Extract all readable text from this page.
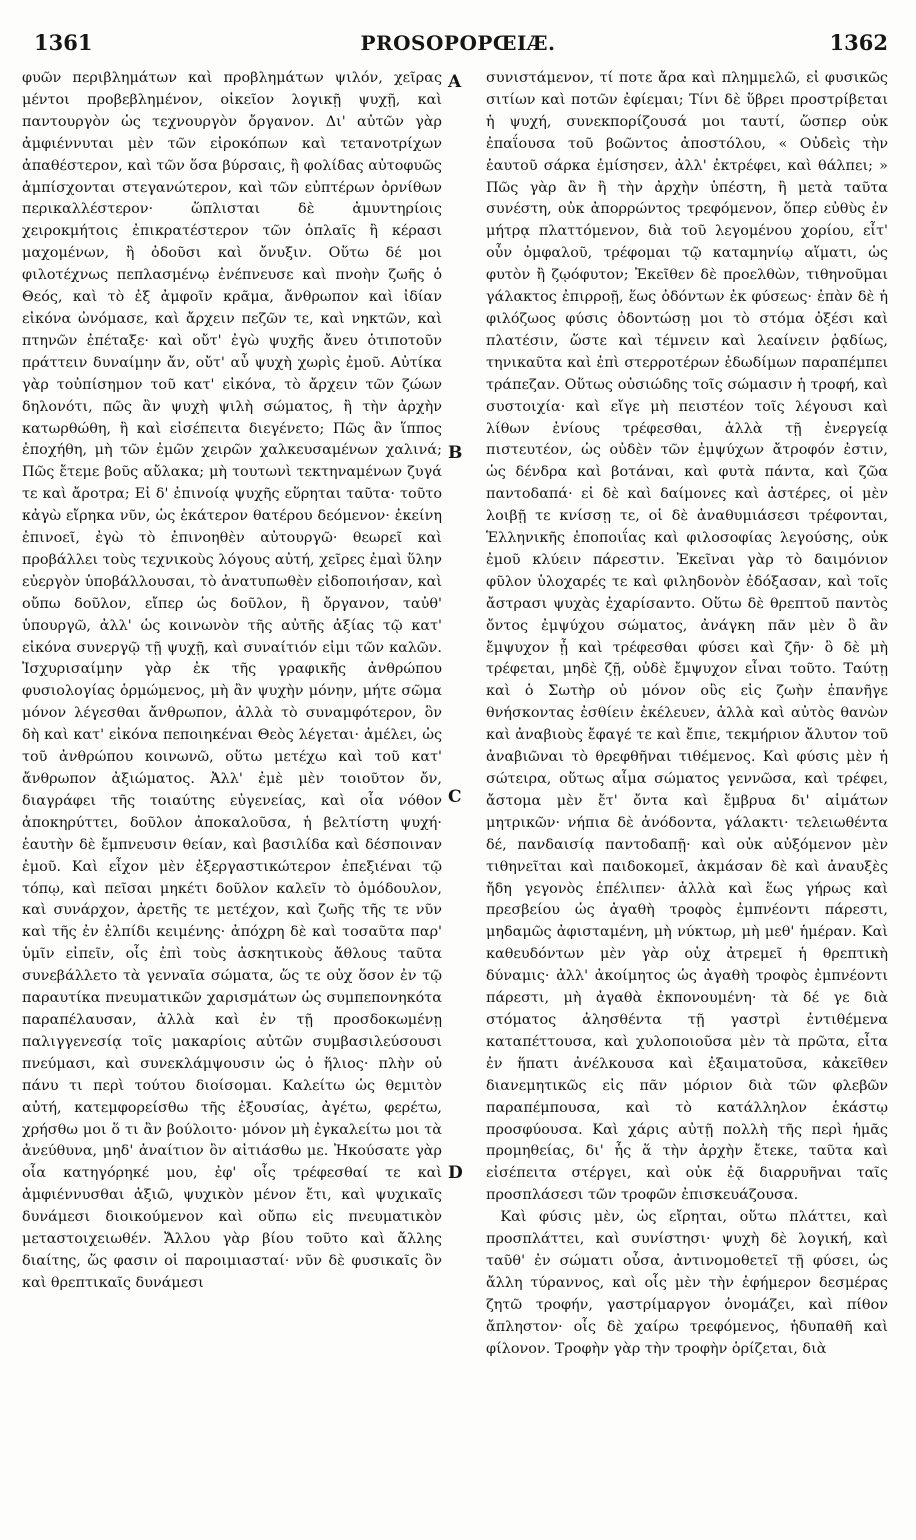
1361	PROSOPOPŒIÆ.	1362
φυῶν περιβλημάτων καὶ προβλημάτων ψιλόν, χεῖρας μέντοι προβεβλημένον, οἰκεῖον λογικῇ ψυχῇ, καὶ παντουργὸν ὡς τεχνουργὸν ὄργανον. Δι' αὐτῶν γὰρ ἀμφιέννυται μὲν τῶν εἰροκόπων καὶ τετανοτρίχων ἀπαθέστερον, καὶ τῶν ὅσα βύρσαις, ἢ φολίδας αὐτοφυῶς ἀμπίσχονται στεγανώτερον, καὶ τῶν εὐπτέρων ὀρνίθων περικαλλέστερον· ὥπλισται δὲ ἀμυντηρίοις χειροκμήτοις ἐπικρατέστερον τῶν ὁπλαῖς ἢ κέρασι μαχομένων, ἢ ὀδοῦσι καὶ ὄνυξιν. Οὕτω δέ μοι φιλοτέχνως πεπλασμένῳ ἐνέπνευσε καὶ πνοὴν ζωῆς ὁ Θεός, καὶ τὸ ἐξ ἀμφοῖν κρᾶμα, ἄνθρωπον καὶ ἰδίαν εἰκόνα ὠνόμασε, καὶ ἄρχειν πεζῶν τε, καὶ νηκτῶν, καὶ πτηνῶν ἐπέταξε· καὶ οὔτ' ἐγὼ ψυχῆς ἄνευ ὁτιποτοῦν πράττειν δυναίμην ἄν, οὔτ' αὖ ψυχὴ χωρὶς ἐμοῦ. Αὐτίκα γὰρ τοὐπίσημον τοῦ κατ' εἰκόνα, τὸ ἄρχειν τῶν ζώων δηλονότι, πῶς ἂν ψυχὴ ψιλὴ σώματος, ἢ τὴν ἀρχὴν κατωρθώθη, ἢ καὶ εἰσέπειτα διεγένετο; Πῶς ἂν ἵππος ἐποχήθη, μὴ τῶν ἐμῶν χειρῶν χαλκευσαμένων χαλινά; Πῶς ἔτεμε βοῦς αὔλακα; μὴ τουτωνὶ τεκτηναμένων ζυγά τε καὶ ἄροτρα; Εἰ δ' ἐπινοίᾳ ψυχῆς εὕρηται ταῦτα· τοῦτο κἀγὼ εἴρηκα νῦν, ὡς ἑκάτερον θατέρου δεόμενον· ἐκείνη ἐπινοεῖ, ἐγὼ τὸ ἐπινοηθὲν αὐτουργῶ· θεωρεῖ καὶ προβάλλει τοὺς τεχνικοὺς λόγους αὐτή, χεῖρες ἐμαὶ ὕλην εὐεργὸν ὑποβάλλουσαι, τὸ ἀνατυπωθὲν εἰδοποιήσαν, καὶ οὔπω δοῦλον, εἴπερ ὡς δοῦλον, ἢ ὄργανον, ταὐθ' ὑπουργῶ, ἀλλ' ὡς κοινωνὸν τῆς αὐτῆς ἀξίας τῷ κατ' εἰκόνα συνεργῷ τῇ ψυχῇ, καὶ συναίτιόν εἰμι τῶν καλῶν. Ἰσχυρισαίμην γὰρ ἐκ τῆς γραφικῆς ἀνθρώπου φυσιολογίας ὁρμώμενος, μὴ ἂν ψυχὴν μόνην, μήτε σῶμα μόνον λέγεσθαι ἄνθρωπον, ἀλλὰ τὸ συναμφότερον, ὃν δὴ καὶ κατ' εἰκόνα πεποιηκέναι Θεὸς λέγεται· ἀμέλει, ὡς τοῦ ἀνθρώπου κοινωνῶ, οὕτω μετέχω καὶ τοῦ κατ' ἄνθρωπον ἀξιώματος. Ἀλλ' ἐμὲ μὲν τοιοῦτον ὄν, διαγράφει τῆς τοιαύτης εὐγενείας, καὶ οἷα νόθον ἀποκηρύττει, δοῦλον ἀποκαλοῦσα, ἡ βελτίστη ψυχή· ἑαυτὴν δὲ ἔμπνευσιν θείαν, καὶ βασιλίδα καὶ δέσποιναν ἐμοῦ. Καὶ εἶχον μὲν ἐξεργαστικώτερον ἐπεξιέναι τῷ τόπῳ, καὶ πεῖσαι μηκέτι δοῦλον καλεῖν τὸ ὁμόδουλον, καὶ συνάρχον, ἀρετῆς τε μετέχον, καὶ ζωῆς τῆς τε νῦν καὶ τῆς ἐν ἐλπίδι κειμένης· ἀπόχρη δὲ καὶ τοσαῦτα παρ' ὑμῖν εἰπεῖν, οἷς ἐπὶ τοὺς ἀσκητικοὺς ἄθλους ταῦτα συνεβάλλετο τὰ γενναῖα σώματα, ὥς τε οὐχ ὅσον ἐν τῷ παραυτίκα πνευματικῶν χαρισμάτων ὡς συμπεπονηκότα παραπέλαυσαν, ἀλλὰ καὶ ἐν τῇ προσδοκωμένῃ παλιγγενεσίᾳ τοῖς μακαρίοις αὐτῶν συμβασιλεύσουσι πνεύμασι, καὶ συνεκλάμψουσιν ὡς ὁ ἥλιος· πλὴν οὐ πάνυ τι περὶ τούτου διοίσομαι. Καλείτω ὡς θεμιτὸν αὐτή, κατεμφορείσθω τῆς ἐξουσίας, ἀγέτω, φερέτω, χρήσθω μοι ὅ τι ἂν βούλοιτο· μόνον μὴ ἐγκαλείτω μοι τὰ ἀνεύθυνα, μηδ' ἀναίτιον ὂν αἰτιάσθω με. Ἠκούσατε γὰρ οἷα κατηγόρηκέ μου, ἐφ' οἷς τρέφεσθαί τε καὶ ἀμφιέννυσθαι ἀξιῶ, ψυχικὸν μένον ἔτι, καὶ ψυχικαῖς δυνάμεσι διοικούμενον καὶ οὔπω εἰς πνευματικὸν μεταστοιχειωθέν. Ἄλλου γὰρ βίου τοῦτο καὶ ἄλλης διαίτης, ὥς φασιν οἱ παροιμιασταί· νῦν δὲ φυσικαῖς ὂν καὶ θρεπτικαῖς δυνάμεσι
συνιστάμενον, τί ποτε ἄρα καὶ πλημμελῶ, εἰ φυσικῶς σιτίων καὶ ποτῶν ἐφίεμαι; Τίνι δὲ ὕβρει προστρίβεται ἡ ψυχή, συνεκπορίζουσά μοι ταυτί, ὥσπερ οὐκ ἐπαΐουσα τοῦ βοῶντος ἀποστόλου, « Οὐδεὶς τὴν ἑαυτοῦ σάρκα ἐμίσησεν, ἀλλ' ἐκτρέφει, καὶ θάλπει; » Πῶς γὰρ ἂν ἢ τὴν ἀρχὴν ὑπέστη, ἢ μετὰ ταῦτα συνέστη, οὐκ ἀπορρώντος τρεφόμενον, ὅπερ εὐθὺς ἐν μήτρᾳ πλαττόμενον, διὰ τοῦ λεγομένου χορίου, εἶτ' οὖν ὀμφαλοῦ, τρέφομαι τῷ καταμηνίῳ αἵματι, ὡς φυτὸν ἢ ζῳόφυτον; Ἐκεῖθεν δὲ προελθὼν, τιθηνοῦμαι γάλακτος ἐπιρροῇ, ἕως ὀδόντων ἐκ φύσεως· ἐπὰν δὲ ἡ φιλόζωος φύσις ὀδοντώσῃ μοι τὸ στόμα ὀξέσι καὶ πλατέσιν, ὥστε καὶ τέμνειν καὶ λεαίνειν ῥᾳδίως, τηνικαῦτα καὶ ἐπὶ στερροτέρων ἐδωδίμων παραπέμπει τράπεζαν. Οὕτως οὐσιώδης τοῖς σώμασιν ἡ τροφή, καὶ συστοιχία· καὶ εἴγε μὴ πειστέον τοῖς λέγουσι καὶ λίθων ἐνίους τρέφεσθαι, ἀλλὰ τῇ ἐνεργείᾳ πιστευτέον, ὡς οὐδὲν τῶν ἐμψύχων ἄτροφόν ἐστιν, ὡς δένδρα καὶ βοτάναι, καὶ φυτὰ πάντα, καὶ ζῶα παντοδαπά· εἰ δὲ καὶ δαίμονες καὶ ἀστέρες, οἱ μὲν λοιβῇ τε κνίσσῃ τε, οἱ δὲ ἀναθυμιάσεσι τρέφονται, Ἑλληνικῆς ἐποποιΐας καὶ φιλοσοφίας λεγούσης, οὐκ ἐμοῦ κλύειν πάρεστιν. Ἐκεῖναι γὰρ τὸ δαιμόνιον φῦλον ὑλοχαρές τε καὶ φιληδονὸν ἐδόξασαν, καὶ τοῖς ἄστρασι ψυχὰς ἐχαρίσαντο. Οὕτω δὲ θρεπτοῦ παντὸς ὄντος ἐμψύχου σώματος, ἀνάγκη πᾶν μὲν ὃ ἂν ἔμψυχον ᾖ καὶ τρέφεσθαι φύσει καὶ ζῆν· ὃ δὲ μὴ τρέφεται, μηδὲ ζῇ, οὐδὲ ἔμψυχον εἶναι τοῦτο. Ταύτῃ καὶ ὁ Σωτὴρ οὐ μόνον οὓς εἰς ζωὴν ἐπανῆγε θνήσκοντας ἐσθίειν ἐκέλευεν, ἀλλὰ καὶ αὐτὸς θανὼν καὶ ἀναβιοὺς ἔφαγέ τε καὶ ἔπιε, τεκμήριον ἄλυτον τοῦ ἀναβιῶναι τὸ θρεφθῆναι τιθέμενος. Καὶ φύσις μὲν ἡ σώτειρα, οὕτως αἷμα σώματος γεννῶσα, καὶ τρέφει, ἄστομα μὲν ἔτ' ὄντα καὶ ἔμβρυα δι' αἱμάτων μητρικῶν· νήπια δὲ ἀνόδοντα, γάλακτι· τελειωθέντα δέ, πανδαισίᾳ παντοδαπῇ· καὶ οὐκ αὐξόμενον μὲν τιθηνεῖται καὶ παιδοκομεῖ, ἀκμάσαν δὲ καὶ ἀναυξὲς ἤδη γεγονὸς ἐπέλιπεν· ἀλλὰ καὶ ἕως γήρως καὶ πρεσβείου ὡς ἀγαθὴ τροφὸς ἐμπνέοντι πάρεστι, μηδαμῶς ἀφισταμένη, μὴ νύκτωρ, μὴ μεθ' ἡμέραν. Καὶ καθευδόντων μὲν γὰρ οὐχ ἀτρεμεῖ ἡ θρεπτικὴ δύναμις· ἀλλ' ἀκοίμητος ὡς ἀγαθὴ τροφὸς ἐμπνέοντι πάρεστι, μὴ ἀγαθὰ ἐκπονουμένη· τὰ δέ γε διὰ στόματος ἀλησθέντα τῇ γαστρὶ ἐντιθέμενα καταπέττουσα, καὶ χυλοποιοῦσα μὲν τὰ πρῶτα, εἶτα ἐν ἥπατι ἀνέλκουσα καὶ ἐξαιματοῦσα, κἀκεῖθεν διανεμητικῶς εἰς πᾶν μόριον διὰ τῶν φλεβῶν παραπέμπουσα, καὶ τὸ κατάλληλον ἑκάστῳ προσφύουσα. Καὶ χάρις αὐτῇ πολλὴ τῆς περὶ ἡμᾶς προμηθείας, δι' ἧς ἅ τὴν ἀρχὴν ἔτεκε, ταῦτα καὶ εἰσέπειτα στέργει, καὶ οὐκ ἐᾷ διαρρυῆναι ταῖς προσπλάσεσι τῶν τροφῶν ἐπισκευάζουσα.
 Καὶ φύσις μὲν, ὡς εἴρηται, οὕτω πλάττει, καὶ προσπλάττει, καὶ συνίστησι· ψυχὴ δὲ λογική, καὶ ταῦθ' ἐν σώματι οὖσα, ἀντινομοθετεῖ τῇ φύσει, ὡς ἄλλη τύραννος, καὶ οἷς μὲν τὴν ἐφήμερον δεσμέρας ζητῶ τροφήν, γαστρίμαργον ὀνομάζει, καὶ πίθον ἄπληστον· οἷς δὲ χαίρω τρεφόμενος, ἡδυπαθῆ καὶ φίλονον. Τροφὴν γὰρ τὴν τροφὴν ὁρίζεται, διὰ
A
B
C
D
